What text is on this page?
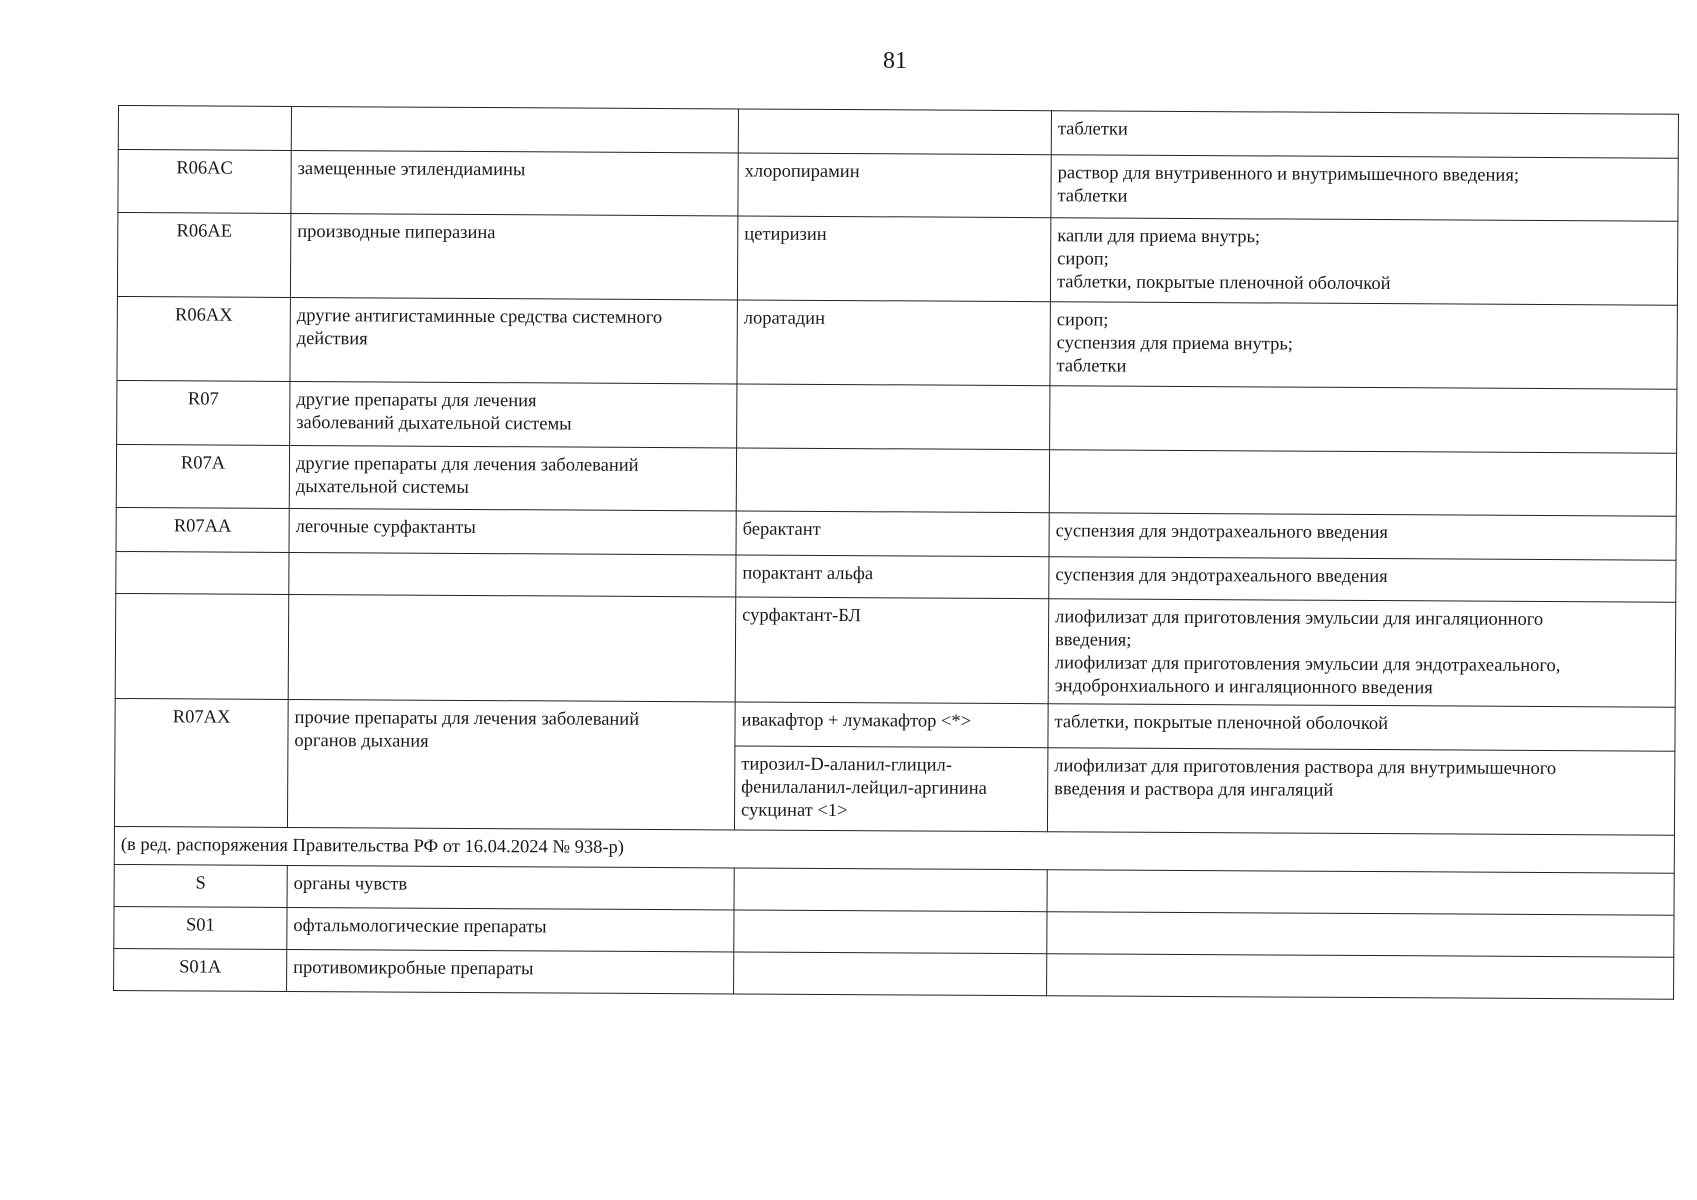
81
			таблетки
R06AC	замещенные этилендиамины	хлоропирамин	раствор для внутривенного и внутримышечного введения;
таблетки
R06AE	производные пиперазина	цетиризин	капли для приема внутрь;
сироп;
таблетки, покрытые пленочной оболочкой
R06AX	другие антигистаминные средства системного
действия	лоратадин	сироп;
суспензия для приема внутрь;
таблетки
R07	другие препараты для лечения
заболеваний дыхательной системы		
R07A	другие препараты для лечения заболеваний
дыхательной системы		
R07AA	легочные сурфактанты	берактант	суспензия для эндотрахеального введения
		порактант альфа	суспензия для эндотрахеального введения
		сурфактант-БЛ	лиофилизат для приготовления эмульсии для ингаляционного
введения;
лиофилизат для приготовления эмульсии для эндотрахеального,
эндобронхиального и ингаляционного введения
R07AX	прочие препараты для лечения заболеваний
органов дыхания	ивакафтор + лумакафтор <*>	таблетки, покрытые пленочной оболочкой
		тирозил-D-аланил-глицил-
фенилаланил-лейцил-аргинина
сукцинат <1>	лиофилизат для приготовления раствора для внутримышечного
введения и раствора для ингаляций
(в ред. распоряжения Правительства РФ от 16.04.2024 № 938-р)			
S	органы чувств		
S01	офтальмологические препараты		
S01A	противомикробные препараты		
